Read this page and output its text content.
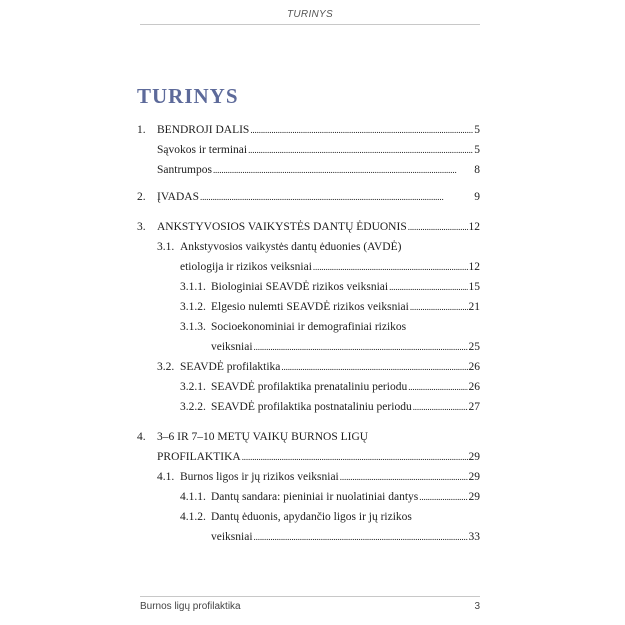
TURINYS
TURINYS
1. BENDROJI DALIS . . .	5
Sąvokos ir terminai . . .	5
Santrumpos . . .	8
2. ĮVADAS . . .	9
3. ANKSTYVOSIOS VAIKYSTĖS DANTŲ ĖDUONIS . . .	12
3.1. Ankstyvosios vaikystės dantų ėduonies (AVDĖ)
etiologija ir rizikos veiksniai . . .	12
3.1.1. Biologiniai SEAVDĖ rizikos veiksniai . . .	15
3.1.2. Elgesio nulemti SEAVDĖ rizikos veiksniai . . .	21
3.1.3. Socioekonominiai ir demografiniai rizikos
veiksniai . . .	25
3.2. SEAVDĖ profilaktika . . .	26
3.2.1. SEAVDĖ profilaktika prenataliniu periodu . . .	26
3.2.2. SEAVDĖ profilaktika postnataliniu periodu . . .	27
4. 3–6 IR 7–10 METŲ VAIKŲ BURNOS LIGŲ
PROFILAKTIKA . . .	29
4.1. Burnos ligos ir jų rizikos veiksniai . . .	29
4.1.1. Dantų sandara: pieniniai ir nuolatiniai dantys . . .	29
4.1.2. Dantų ėduonis, apydančio ligos ir jų rizikos
veiksniai . . .	33
Burnos ligų profilaktika	3
